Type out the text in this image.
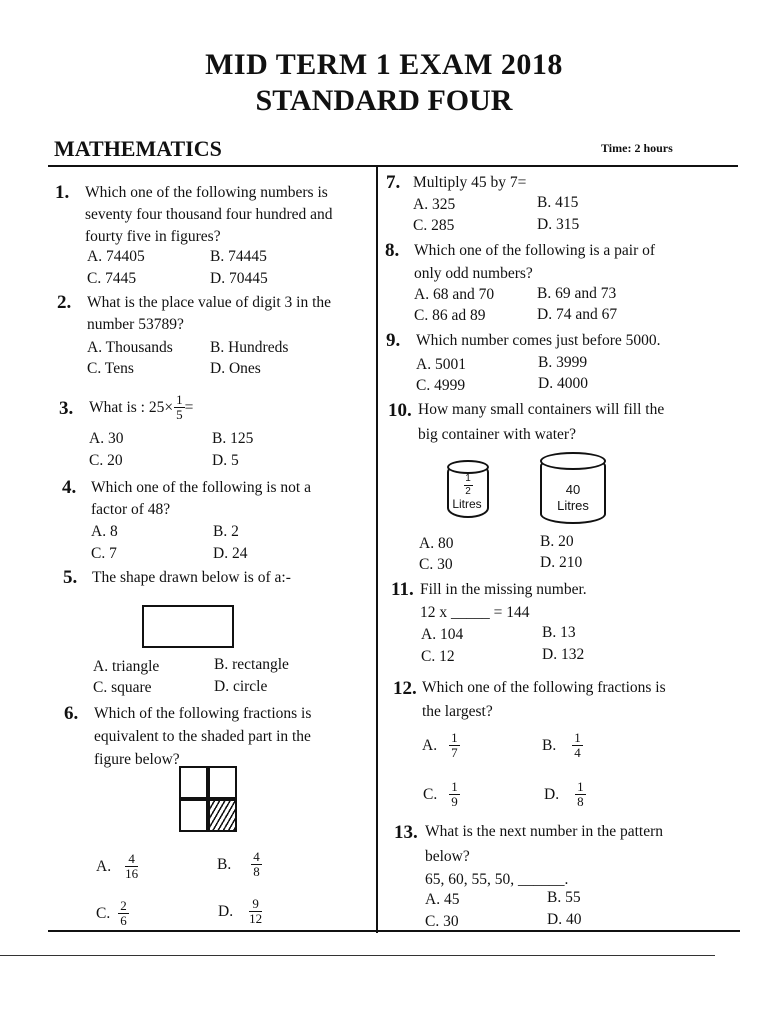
MID TERM 1 EXAM 2018
STANDARD FOUR
MATHEMATICS	Time: 2 hours
1. Which one of the following numbers is
seventy four thousand four hundred and
fourty five in figures?
A. 74405	B. 74445
C. 7445	D. 70445
2. What is the place value of digit 3 in the
number 53789?
A. Thousands B. Hundreds
C. Tens	D. Ones
3. What is : $25\times \frac{1}{5}$ =
A. 30	B. 125
C. 20	D. 5
4. Which one of the following is not a
factor of 48?
A. 8	B. 2
C. 7	D. 24
5. The shape drawn below is of a:-
A. triangle	B. rectangle
C. square	D. circle
6. Which of the following fractions is
equivalent to the shaded part in the
figure below?
A. $\frac{4}{16}$	B. $\frac{4}{8}$
C. $\frac{2}{6}$	D. $\frac{9}{12}$
7. Multiply 45 by 7=
A. 325	B. 415
C. 285	D. 315
8. Which one of the following is a pair of
only odd numbers?
A. 68 and 70	B. 69 and 73
C. 86 ad 89	D. 74 and 67
9. Which number comes just before 5000.
A. 5001	B. 3999
C. 4999	D. 4000
10. How many small containers will fill the
big container with water?
1
2
Litres
40
Litres
A. 80	B. 20
C. 30	D. 210
11. Fill in the missing number.
12 x _____ = 144
A. 104	B. 13
C. 12	D. 132
12. Which one of the following fractions is
the largest?
A. $\frac{1}{7}$	B. $\frac{1}{4}$
C. $\frac{1}{9}$	D. $\frac{1}{8}$
13. What is the next number in the pattern
below?
65, 60, 55, 50, ______.
A. 45	B. 55
C. 30	D. 40
